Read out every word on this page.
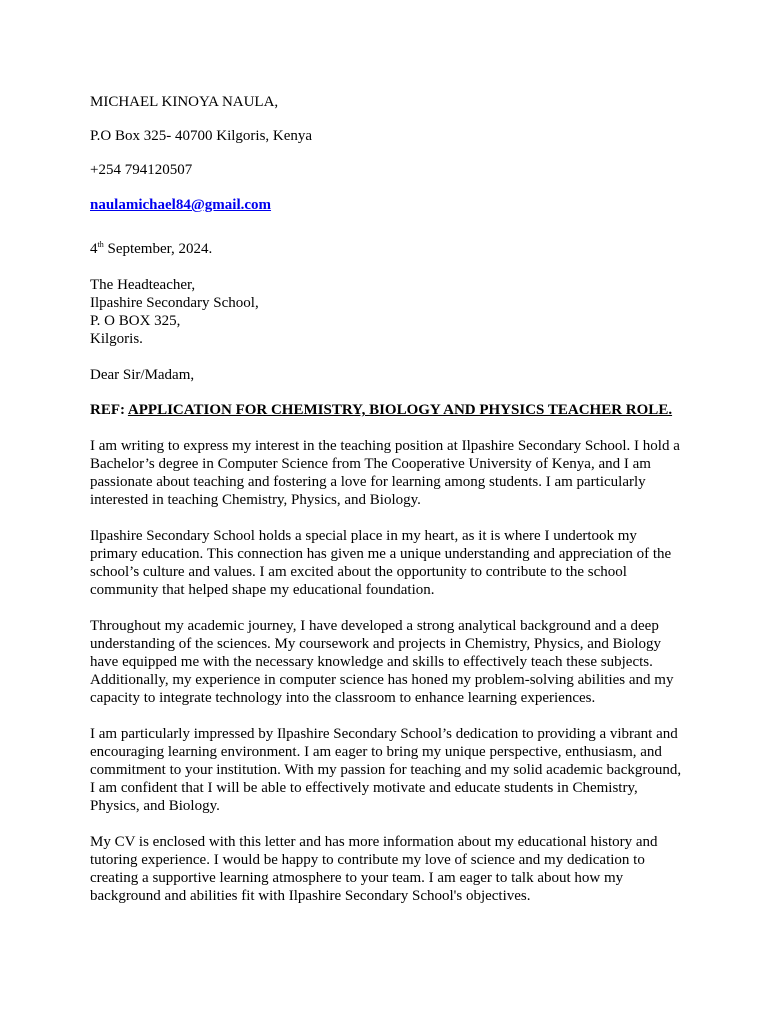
MICHAEL KINOYA NAULA,
P.O Box 325- 40700 Kilgoris, Kenya
+254 794120507
naulamichael84@gmail.com
4th September, 2024.
The Headteacher,
Ilpashire Secondary School,
P. O BOX 325,
Kilgoris.
Dear Sir/Madam,
REF: APPLICATION FOR CHEMISTRY, BIOLOGY AND PHYSICS TEACHER ROLE.

I am writing to express my interest in the teaching position at Ilpashire Secondary School. I hold a Bachelor’s degree in Computer Science from The Cooperative University of Kenya, and I am passionate about teaching and fostering a love for learning among students. I am particularly interested in teaching Chemistry, Physics, and Biology.

Ilpashire Secondary School holds a special place in my heart, as it is where I undertook my primary education. This connection has given me a unique understanding and appreciation of the school’s culture and values. I am excited about the opportunity to contribute to the school community that helped shape my educational foundation.

Throughout my academic journey, I have developed a strong analytical background and a deep understanding of the sciences. My coursework and projects in Chemistry, Physics, and Biology have equipped me with the necessary knowledge and skills to effectively teach these subjects. Additionally, my experience in computer science has honed my problem-solving abilities and my capacity to integrate technology into the classroom to enhance learning experiences.

I am particularly impressed by Ilpashire Secondary School’s dedication to providing a vibrant and encouraging learning environment. I am eager to bring my unique perspective, enthusiasm, and commitment to your institution. With my passion for teaching and my solid academic background, I am confident that I will be able to effectively motivate and educate students in Chemistry, Physics, and Biology.

My CV is enclosed with this letter and has more information about my educational history and tutoring experience. I would be happy to contribute my love of science and my dedication to creating a supportive learning atmosphere to your team. I am eager to talk about how my background and abilities fit with Ilpashire Secondary School's objectives.
